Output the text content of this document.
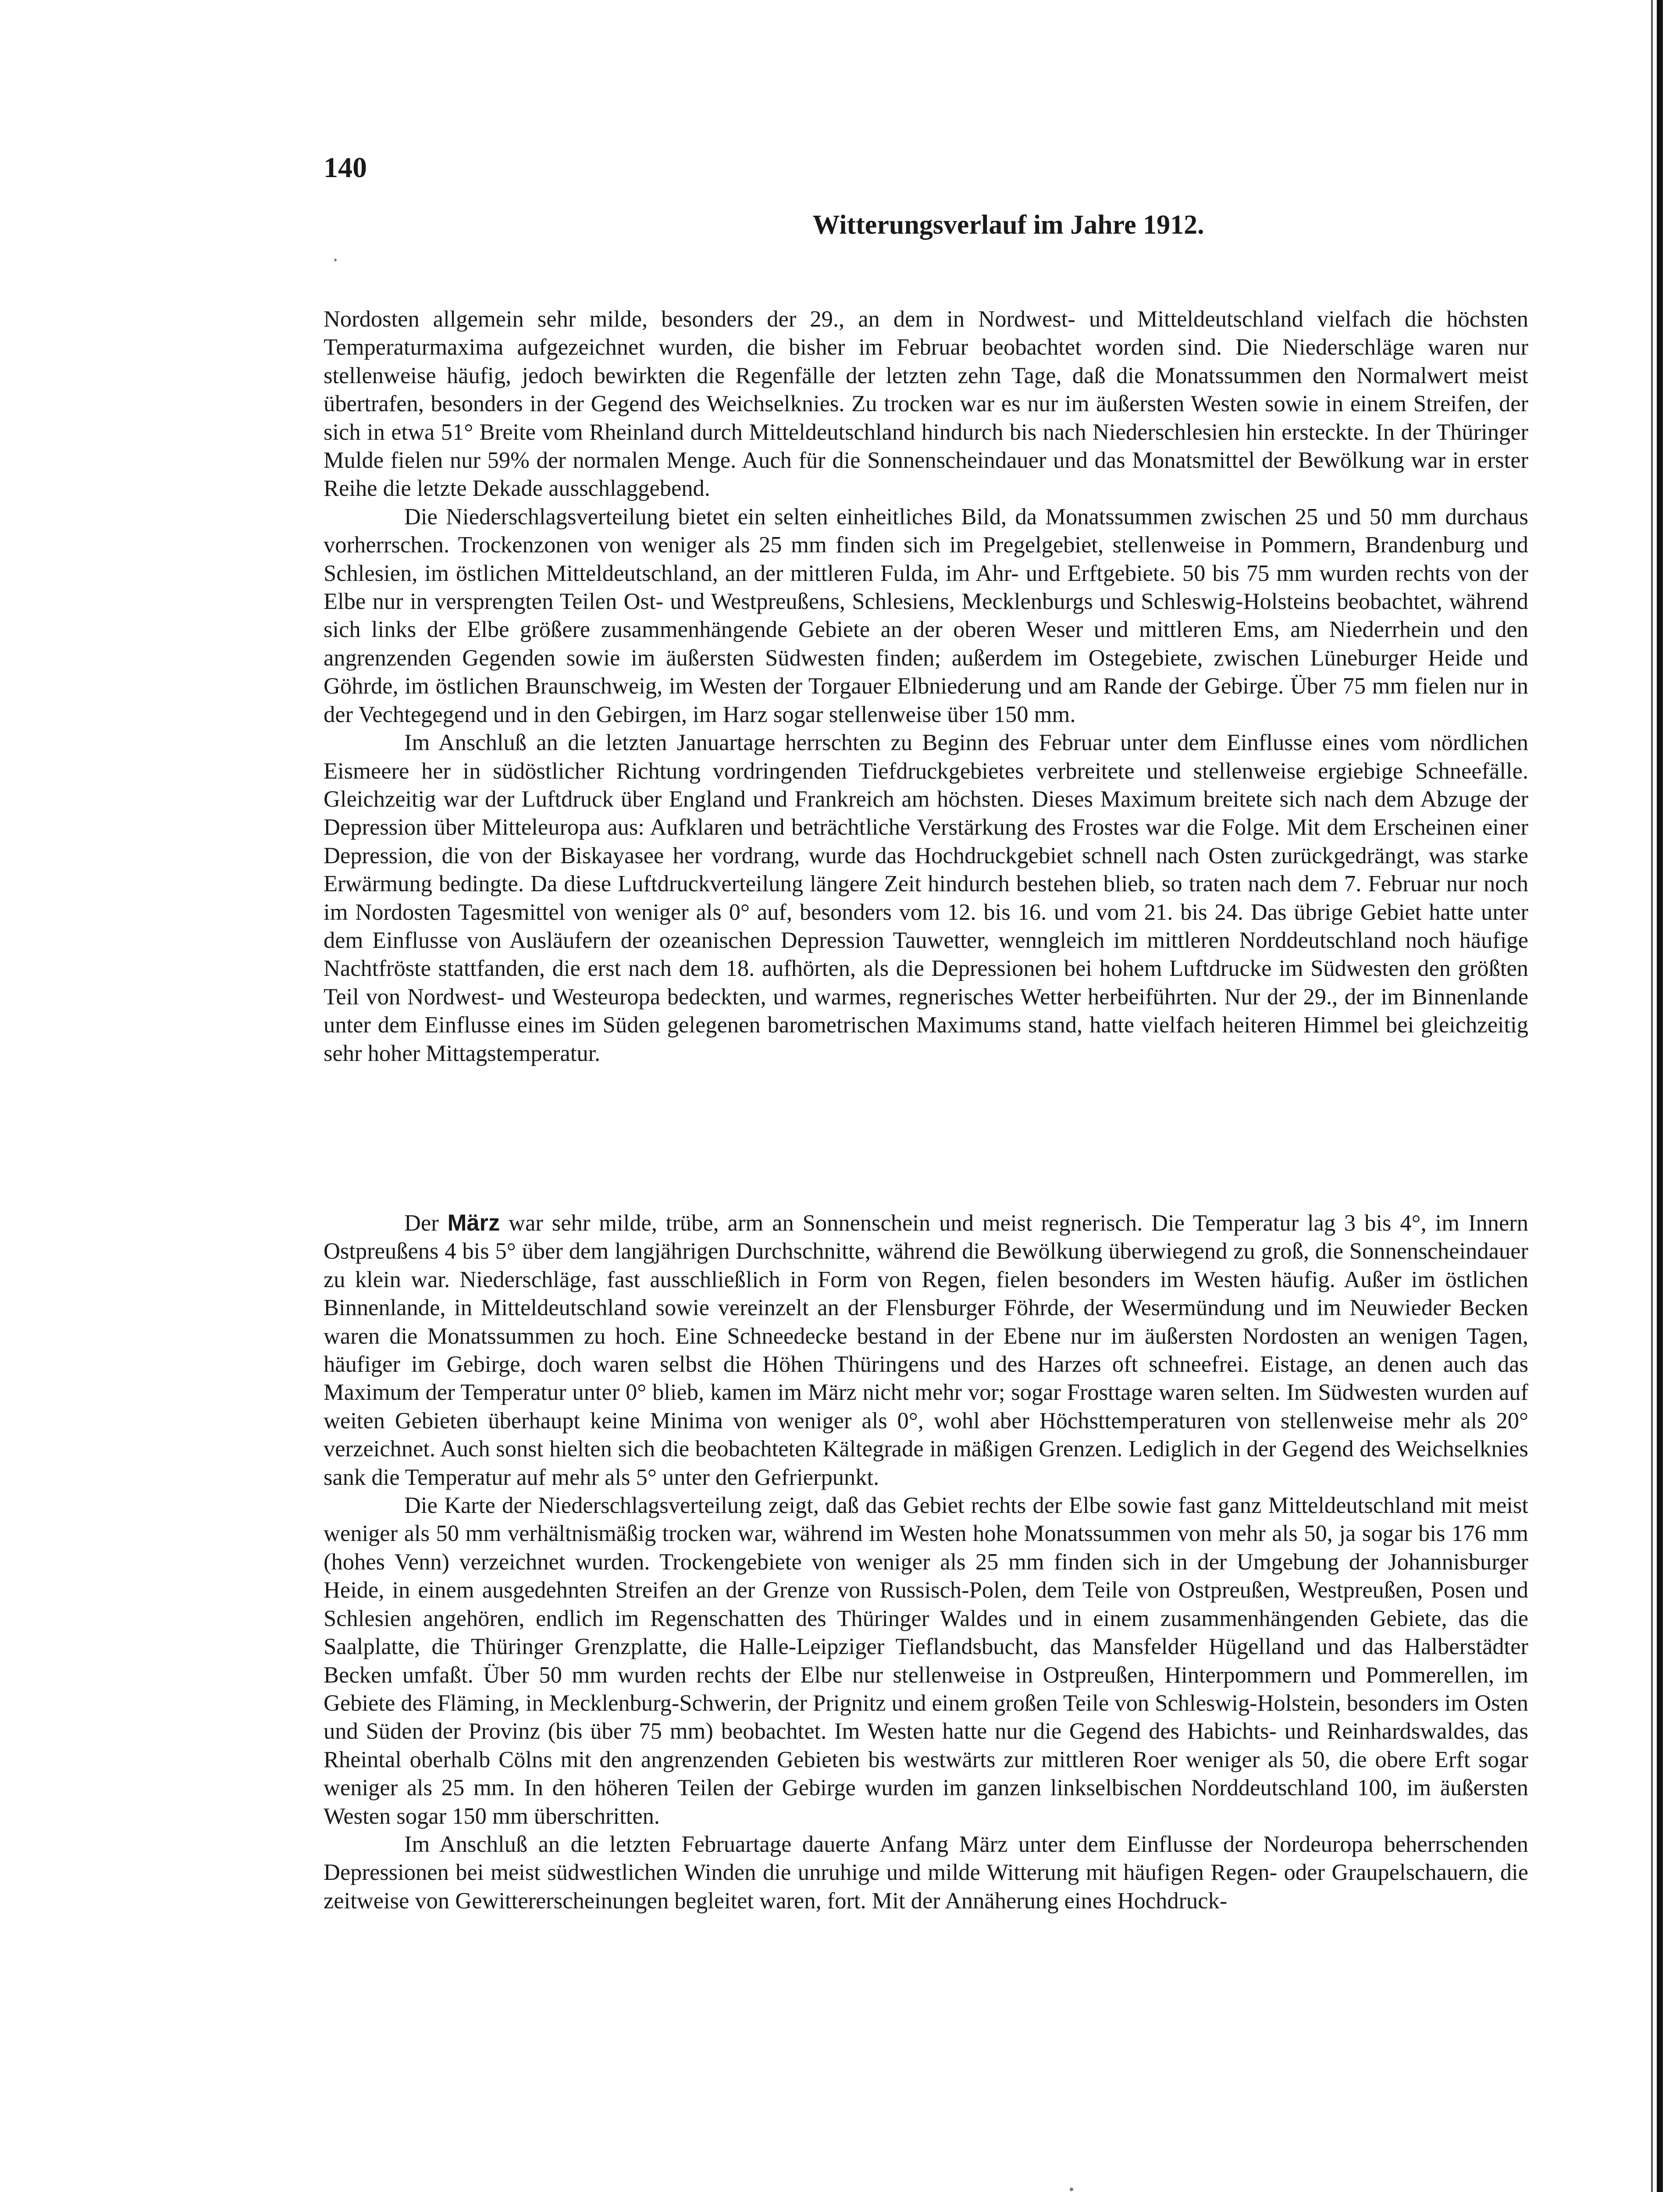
140
Witterungsverlauf im Jahre 1912.

Nordosten allgemein sehr milde, besonders der 29., an dem in Nordwest- und Mitteldeutschland vielfach die höchsten Temperaturmaxima aufgezeichnet wurden, die bisher im Februar beobachtet worden sind. Die Niederschläge waren nur stellenweise häufig, jedoch bewirkten die Regenfälle der letzten zehn Tage, daß die Monatssummen den Normalwert meist übertrafen, besonders in der Gegend des Weichselknies. Zu trocken war es nur im äußersten Westen sowie in einem Streifen, der sich in etwa 51° Breite vom Rheinland durch Mitteldeutschland hindurch bis nach Niederschlesien hin ersteckte. In der Thüringer Mulde fielen nur 59% der normalen Menge. Auch für die Sonnenscheindauer und das Monatsmittel der Bewölkung war in erster Reihe die letzte Dekade ausschlaggebend.

Die Niederschlagsverteilung bietet ein selten einheitliches Bild, da Monatssummen zwischen 25 und 50 mm durchaus vorherrschen. Trockenzonen von weniger als 25 mm finden sich im Pregelgebiet, stellenweise in Pommern, Brandenburg und Schlesien, im östlichen Mitteldeutschland, an der mittleren Fulda, im Ahr- und Erftgebiete. 50 bis 75 mm wurden rechts von der Elbe nur in versprengten Teilen Ost- und Westpreußens, Schlesiens, Mecklenburgs und Schleswig-Holsteins beobachtet, während sich links der Elbe größere zusammenhängende Gebiete an der oberen Weser und mittleren Ems, am Niederrhein und den angrenzenden Gegenden sowie im äußersten Südwesten finden; außerdem im Ostegebiete, zwischen Lüneburger Heide und Göhrde, im östlichen Braunschweig, im Westen der Torgauer Elbniederung und am Rande der Gebirge. Über 75 mm fielen nur in der Vechtegegend und in den Gebirgen, im Harz sogar stellenweise über 150 mm.

Im Anschluß an die letzten Januartage herrschten zu Beginn des Februar unter dem Einflusse eines vom nördlichen Eismeere her in südöstlicher Richtung vordringenden Tiefdruckgebietes verbreitete und stellenweise ergiebige Schneefälle. Gleichzeitig war der Luftdruck über England und Frankreich am höchsten. Dieses Maximum breitete sich nach dem Abzuge der Depression über Mitteleuropa aus: Aufklaren und beträchtliche Verstärkung des Frostes war die Folge. Mit dem Erscheinen einer Depression, die von der Biskayasee her vordrang, wurde das Hochdruckgebiet schnell nach Osten zurückgedrängt, was starke Erwärmung bedingte. Da diese Luftdruckverteilung längere Zeit hindurch bestehen blieb, so traten nach dem 7. Februar nur noch im Nordosten Tagesmittel von weniger als 0° auf, besonders vom 12. bis 16. und vom 21. bis 24. Das übrige Gebiet hatte unter dem Einflusse von Ausläufern der ozeanischen Depression Tauwetter, wenngleich im mittleren Norddeutschland noch häufige Nachtfröste stattfanden, die erst nach dem 18. aufhörten, als die Depressionen bei hohem Luftdrucke im Südwesten den größten Teil von Nordwest- und Westeuropa bedeckten, und warmes, regnerisches Wetter herbeiführten. Nur der 29., der im Binnenlande unter dem Einflusse eines im Süden gelegenen barometrischen Maximums stand, hatte vielfach heiteren Himmel bei gleichzeitig sehr hoher Mittagstemperatur.

Der März war sehr milde, trübe, arm an Sonnenschein und meist regnerisch. Die Temperatur lag 3 bis 4°, im Innern Ostpreußens 4 bis 5° über dem langjährigen Durchschnitte, während die Bewölkung überwiegend zu groß, die Sonnenscheindauer zu klein war. Niederschläge, fast ausschließlich in Form von Regen, fielen besonders im Westen häufig. Außer im östlichen Binnenlande, in Mitteldeutschland sowie vereinzelt an der Flensburger Föhrde, der Wesermündung und im Neuwieder Becken waren die Monatssummen zu hoch. Eine Schneedecke bestand in der Ebene nur im äußersten Nordosten an wenigen Tagen, häufiger im Gebirge, doch waren selbst die Höhen Thüringens und des Harzes oft schneefrei. Eistage, an denen auch das Maximum der Temperatur unter 0° blieb, kamen im März nicht mehr vor; sogar Frosttage waren selten. Im Südwesten wurden auf weiten Gebieten überhaupt keine Minima von weniger als 0°, wohl aber Höchsttemperaturen von stellenweise mehr als 20° verzeichnet. Auch sonst hielten sich die beobachteten Kältegrade in mäßigen Grenzen. Lediglich in der Gegend des Weichselknies sank die Temperatur auf mehr als 5° unter den Gefrierpunkt.

Die Karte der Niederschlagsverteilung zeigt, daß das Gebiet rechts der Elbe sowie fast ganz Mitteldeutschland mit meist weniger als 50 mm verhältnismäßig trocken war, während im Westen hohe Monatssummen von mehr als 50, ja sogar bis 176 mm (hohes Venn) verzeichnet wurden. Trockengebiete von weniger als 25 mm finden sich in der Umgebung der Johannisburger Heide, in einem ausgedehnten Streifen an der Grenze von Russisch-Polen, dem Teile von Ostpreußen, Westpreußen, Posen und Schlesien angehören, endlich im Regenschatten des Thüringer Waldes und in einem zusammenhängenden Gebiete, das die Saalplatte, die Thüringer Grenzplatte, die Halle-Leipziger Tieflandsbucht, das Mansfelder Hügelland und das Halberstädter Becken umfaßt. Über 50 mm wurden rechts der Elbe nur stellenweise in Ostpreußen, Hinterpommern und Pommerellen, im Gebiete des Fläming, in Mecklenburg-Schwerin, der Prignitz und einem großen Teile von Schleswig-Holstein, besonders im Osten und Süden der Provinz (bis über 75 mm) beobachtet. Im Westen hatte nur die Gegend des Habichts- und Reinhardswaldes, das Rheintal oberhalb Cölns mit den angrenzenden Gebieten bis westwärts zur mittleren Roer weniger als 50, die obere Erft sogar weniger als 25 mm. In den höheren Teilen der Gebirge wurden im ganzen linkselbischen Norddeutschland 100, im äußersten Westen sogar 150 mm überschritten.

Im Anschluß an die letzten Februartage dauerte Anfang März unter dem Einflusse der Nordeuropa beherrschenden Depressionen bei meist südwestlichen Winden die unruhige und milde Witterung mit häufigen Regen- oder Graupelschauern, die zeitweise von Gewittererscheinungen begleitet waren, fort. Mit der Annäherung eines Hochdruck-
